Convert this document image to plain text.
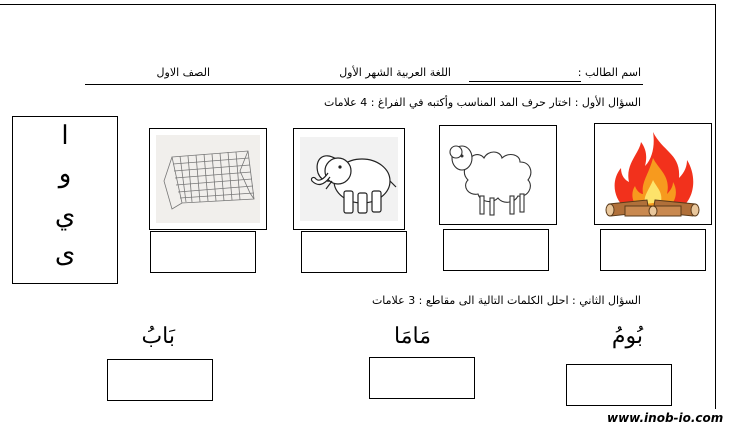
اسم الطالب :
اللغة العربية الشهر الأول
الصف الاول
السؤال الأول : اختار حرف المد المناسب وأكتبه في الفراغ : 4 علامات
ا
و
ي
ى
السؤال الثاني : احلل الكلمات التالية الى مقاطع : 3 علامات
بُومُ
مَامَا
بَابُ
www.inob-io.com
